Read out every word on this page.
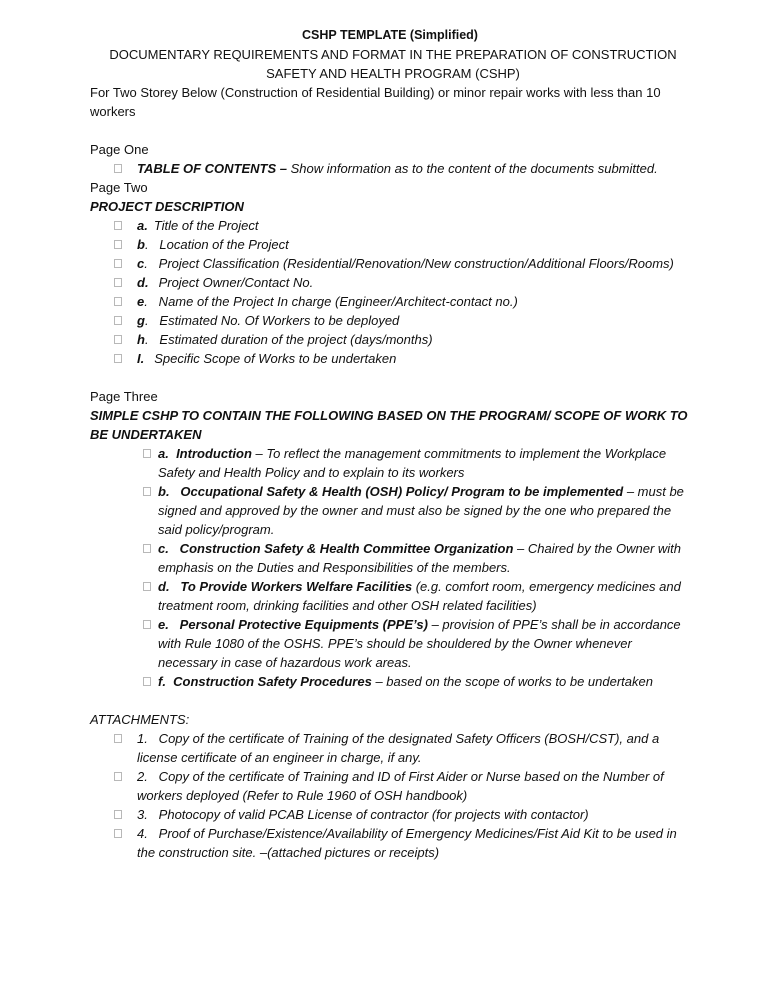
CSHP TEMPLATE (Simplified)
DOCUMENTARY REQUIREMENTS AND FORMAT IN THE PREPARATION OF CONSTRUCTION SAFETY AND HEALTH PROGRAM (CSHP)
For Two Storey Below (Construction of Residential Building) or minor repair works with less than 10 workers
Page One
TABLE OF CONTENTS – Show information as to the content of the documents submitted.
Page Two
PROJECT DESCRIPTION
a. Title of the Project
b.   Location of the Project
c.   Project Classification (Residential/Renovation/New construction/Additional Floors/Rooms)
d. Project Owner/Contact No.
e.   Name of the Project In charge (Engineer/Architect-contact no.)
g.   Estimated No. Of Workers to be deployed
h.   Estimated duration of the project (days/months)
I. Specific Scope of Works to be undertaken
Page Three
SIMPLE CSHP TO CONTAIN THE FOLLOWING BASED ON THE PROGRAM/ SCOPE OF WORK TO BE UNDERTAKEN
a.  Introduction – To reflect the management commitments to implement the Workplace Safety and Health Policy and to explain to its workers
b.   Occupational Safety & Health (OSH) Policy/ Program to be implemented – must be signed and approved by the owner and must also be signed by the one who prepared the said policy/program.
c.   Construction Safety & Health Committee Organization – Chaired by the Owner with emphasis on the Duties and Responsibilities of the members.
d.   To Provide Workers Welfare Facilities (e.g. comfort room, emergency medicines and treatment room, drinking facilities and other OSH related facilities)
e.   Personal Protective Equipments (PPE’s) – provision of PPE’s shall be in accordance with Rule 1080 of the OSHS. PPE’s should be shouldered by the Owner whenever necessary in case of hazardous work areas.
f.  Construction Safety Procedures – based on the scope of works to be undertaken
ATTACHMENTS:
1.   Copy of the certificate of Training of the designated Safety Officers (BOSH/CST), and a license certificate of an engineer in charge, if any.
2.   Copy of the certificate of Training and ID of First Aider or Nurse based on the Number of workers deployed (Refer to Rule 1960 of OSH handbook)
3.   Photocopy of valid PCAB License of contractor (for projects with contactor)
4.   Proof of Purchase/Existence/Availability of Emergency Medicines/Fist Aid Kit to be used in the construction site. –(attached pictures or receipts)
